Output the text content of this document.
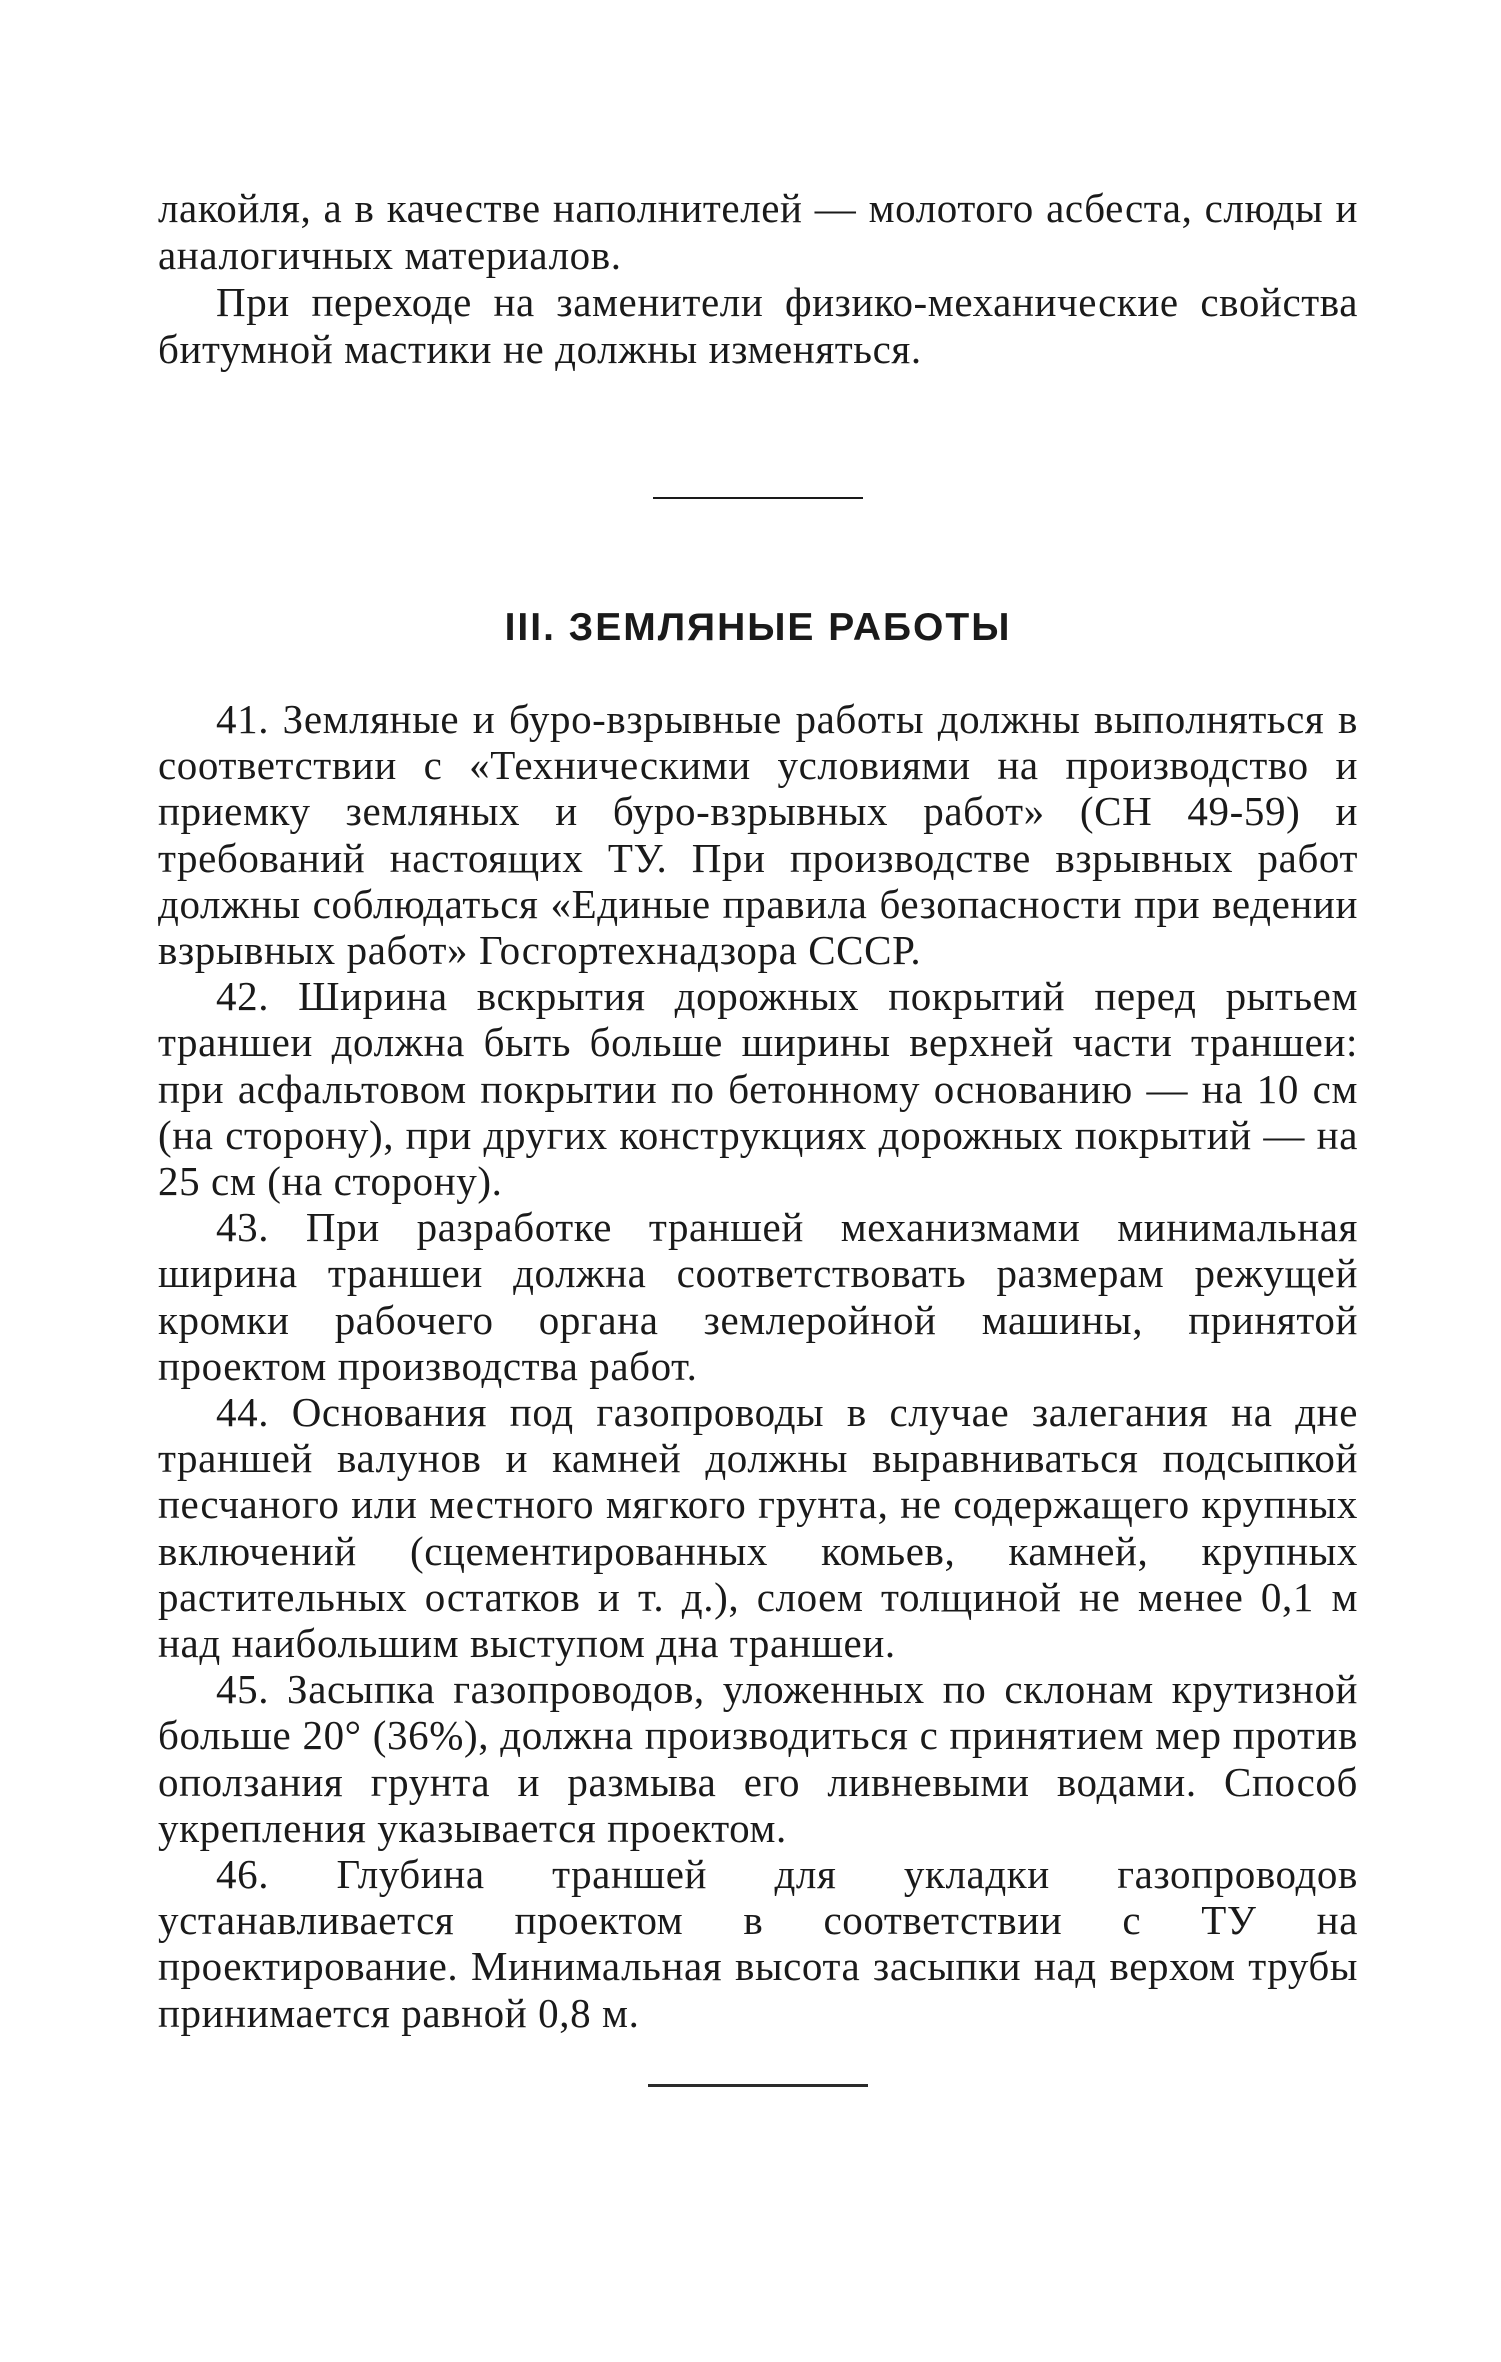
лакойля, а в качестве наполнителей — молотого асбеста, слюды и аналогичных материалов.

При переходе на заменители физико-механические свойства битумной мастики не должны изменяться.

III. ЗЕМЛЯНЫЕ РАБОТЫ

41. Земляные и буро-взрывные работы должны выполняться в соответствии с «Техническими условиями на производство и приемку земляных и буро-взрывных работ» (СН 49-59) и требований настоящих ТУ. При производстве взрывных работ должны соблюдаться «Единые правила безопасности при ведении взрывных работ» Госгортехнадзора СССР.

42. Ширина вскрытия дорожных покрытий перед рытьем траншеи должна быть больше ширины верхней части траншеи: при асфальтовом покрытии по бетонному основанию — на 10 см (на сторону), при других конструкциях дорожных покрытий — на 25 см (на сторону).

43. При разработке траншей механизмами минимальная ширина траншеи должна соответствовать размерам режущей кромки рабочего органа землеройной машины, принятой проектом производства работ.

44. Основания под газопроводы в случае залегания на дне траншей валунов и камней должны выравниваться подсыпкой песчаного или местного мягкого грунта, не содержащего крупных включений (сцементированных комьев, камней, крупных растительных остатков и т. д.), слоем толщиной не менее 0,1 м над наибольшим выступом дна траншеи.

45. Засыпка газопроводов, уложенных по склонам крутизной больше 20° (36%), должна производиться с принятием мер против оползания грунта и размыва его ливневыми водами. Способ укрепления указывается проектом.

46. Глубина траншей для укладки газопроводов устанавливается проектом в соответствии с ТУ на проектирование. Минимальная высота засыпки над верхом трубы принимается равной 0,8 м.
